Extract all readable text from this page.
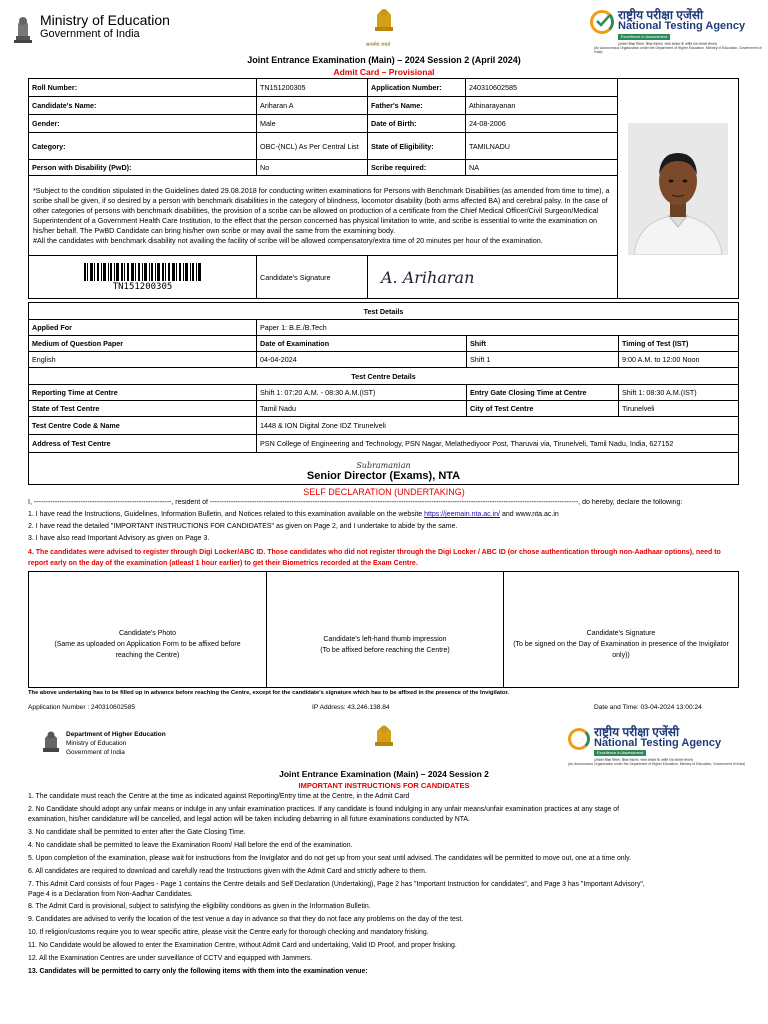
Ministry of Education
Government of India
सत्यमेव जयते
राष्ट्रीय परीक्षा एजेंसी
National Testing Agency
Excellence in Assessment
(उच्चतर शिक्षा विभाग, शिक्षा मंत्रालय, भारत सरकार के अधीन एक स्वायत्त संगठन)
(An Autonomous Organization under the Department of Higher Education, Ministry of Education, Government of India)
Joint Entrance Examination (Main) – 2024 Session 2 (April 2024)
Admit Card – Provisional
Roll Number:	TN151200305	Application Number:	240310602585	

Candidate's Name:	Ariharan A	Father's Name:	Athinarayanan	
Gender:	Male	Date of Birth:	24-08-2006	
Category:	OBC-(NCL) As Per Central List	State of Eligibility:	TAMILNADU	
Person with Disability (PwD):	No	Scribe required:	NA	

*Subject to the condition stipulated in the Guidelines dated 29.08.2018 for conducting written examinations for Persons with Benchmark Disabilities (as amended from time to time), a scribe shall be given, if so desired by a person with benchmark disabilities in the category of blindness, locomotor disability (both arms affected BA) and cerebral palsy. In the case of other categories of persons with benchmark disabilities, the provision of a scribe can be allowed on production of a certificate from the Chief Medical Officer/Civil Surgeon/Medical Superintendent of a Government Health Care Institution, to the effect that the person concerned has physical limitation to write, and scribe is essential to write the examination on his/her behalf. The PwBD Candidate can bring his/her own scribe or may avail the same from the examining body.
#All the candidates with benchmark disability not availing the facility of scribe will be allowed compensatory/extra time of 20 minutes per hour of the examination.				

TN151200305	Candidate's Signature	A. Ariharan		
Test Details			
Applied For	Paper 1: B.E./B.Tech		
Medium of Question Paper	Date of Examination	Shift	Timing of Test (IST)
English	04-04-2024	Shift 1	9:00 A.M. to 12:00 Noon
Test Centre Details			
Reporting Time at Centre	Shift 1: 07:20 A.M. - 08:30 A.M.(IST)	Entry Gate Closing Time at Centre	Shift 1: 08:30 A.M.(IST)
State of Test Centre	Tamil Nadu	City of Test Centre	Tirunelveli
Test Centre Code & Name	1448 & ION Digital Zone IDZ Tirunelveli		
Address of Test Centre	PSN College of Engineering and Technology, PSN Nagar, Melathediyoor Post, Tharuvai via, Tirunelveli, Tamil Nadu, India, 627152		

Subramanian
Senior Director (Exams), NTA			
SELF DECLARATION (UNDERTAKING)
I, -----------------------------------------------------------, resident of --------------------------------------------------------------------------------------------------------------------------------------------------------------, do hereby, declare the following:
1. I have read the Instructions, Guidelines, Information Bulletin, and Notices related to this examination available on the website https://jeemain.nta.ac.in/ and www.nta.ac.in
2. I have read the detailed "IMPORTANT INSTRUCTIONS FOR CANDIDATES" as given on Page 2, and I undertake to abide by the same.
3. I have also read Important Advisory as given on Page 3.
4. The candidates were advised to register through Digi Locker/ABC ID. Those candidates who did not register through the Digi Locker / ABC ID (or chose authentication through non-Aadhaar options), need to report early on the day of the examination (atleast 1 hour earlier) to get their Biometrics recorded at the Exam Centre.
Candidate's Photo
(Same as uploaded on Application Form to be affixed before reaching the Centre)
Candidate's left-hand thumb impression
(To be affixed before reaching the Centre)
Candidate's Signature
(To be signed on the Day of Examination in presence of the Invigilator only))
The above undertaking has to be filled up in advance before reaching the Centre, except for the candidate's signature which has to be affixed in the presence of the Invigilator.
Application Number : 240310602585	IP Address: 43.246.138.84	Date and Time: 03-04-2024 13:00:24
Department of Higher Education
Ministry of Education
Government of India
राष्ट्रीय परीक्षा एजेंसी
National Testing Agency
Excellence in Assessment
(उच्चतर शिक्षा विभाग, शिक्षा मंत्रालय, भारत सरकार के अधीन एक स्वायत्त संगठन)
(An Autonomous Organization under the Department of Higher Education, Ministry of Education, Government of India)
Joint Entrance Examination (Main) – 2024 Session 2
IMPORTANT INSTRUCTIONS FOR CANDIDATES
1. The candidate must reach the Centre at the time as indicated against Reporting/Entry time at the Centre, in the Admit Card
2. No Candidate should adopt any unfair means or indulge in any unfair examination practices. If any candidate is found indulging in any unfair means/unfair examination practices at any stage of examination, his/her candidature will be cancelled, and legal action will be taken including debarring in all future examinations conducted by NTA.
3. No candidate shall be permitted to enter after the Gate Closing Time.
4. No candidate shall be permitted to leave the Examination Room/ Hall before the end of the examination.
5. Upon completion of the examination, please wait for instructions from the Invigilator and do not get up from your seat until advised. The candidates will be permitted to move out, one at a time only.
6. All candidates are required to download and carefully read the Instructions given with the Admit Card and strictly adhere to them.
7. This Admit Card consists of four Pages - Page 1 contains the Centre details and Self Declaration (Undertaking), Page 2 has "Important Instruction for candidates", and Page 3 has "Important Advisory", Page 4 is a Declaration from Non-Aadhar Candidates.
8. The Admit Card is provisional, subject to satisfying the eligibility conditions as given in the Information Bulletin.
9. Candidates are advised to verify the location of the test venue a day in advance so that they do not face any problems on the day of the test.
10. If religion/customs require you to wear specific attire, please visit the Centre early for thorough checking and mandatory frisking.
11. No Candidate would be allowed to enter the Examination Centre, without Admit Card and undertaking, Valid ID Proof, and proper frisking.
12. All the Examination Centres are under surveillance of CCTV and equipped with Jammers.
13. Candidates will be permitted to carry only the following items with them into the examination venue:
